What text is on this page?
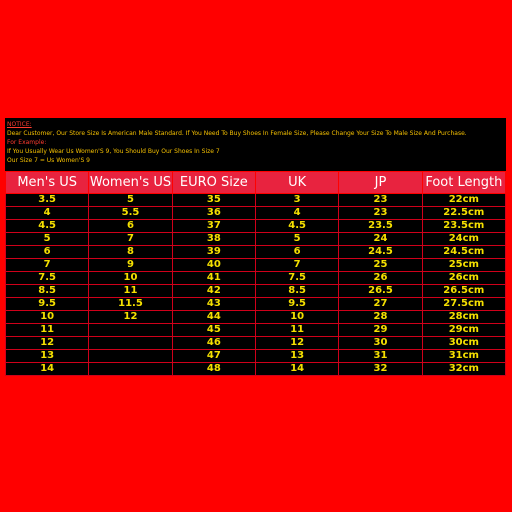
NOTICE:
Dear Customer, Our Store Size Is American Male Standard. If You Need To Buy Shoes In Female Size, Please Change Your Size To Male Size And Purchase.
For Example:
If You Usually Wear Us Women'S 9, You Should Buy Our Shoes In Size 7
Our Size 7 = Us Women'S 9
Men's US	Women's US	EURO Size	UK	JP	Foot Length
3.5	5	35	3	23	22cm
4	5.5	36	4	23	22.5cm
4.5	6	37	4.5	23.5	23.5cm
5	7	38	5	24	24cm
6	8	39	6	24.5	24.5cm
7	9	40	7	25	25cm
7.5	10	41	7.5	26	26cm
8.5	11	42	8.5	26.5	26.5cm
9.5	11.5	43	9.5	27	27.5cm
10	12	44	10	28	28cm
11		45	11	29	29cm
12		46	12	30	30cm
13		47	13	31	31cm
14		48	14	32	32cm
